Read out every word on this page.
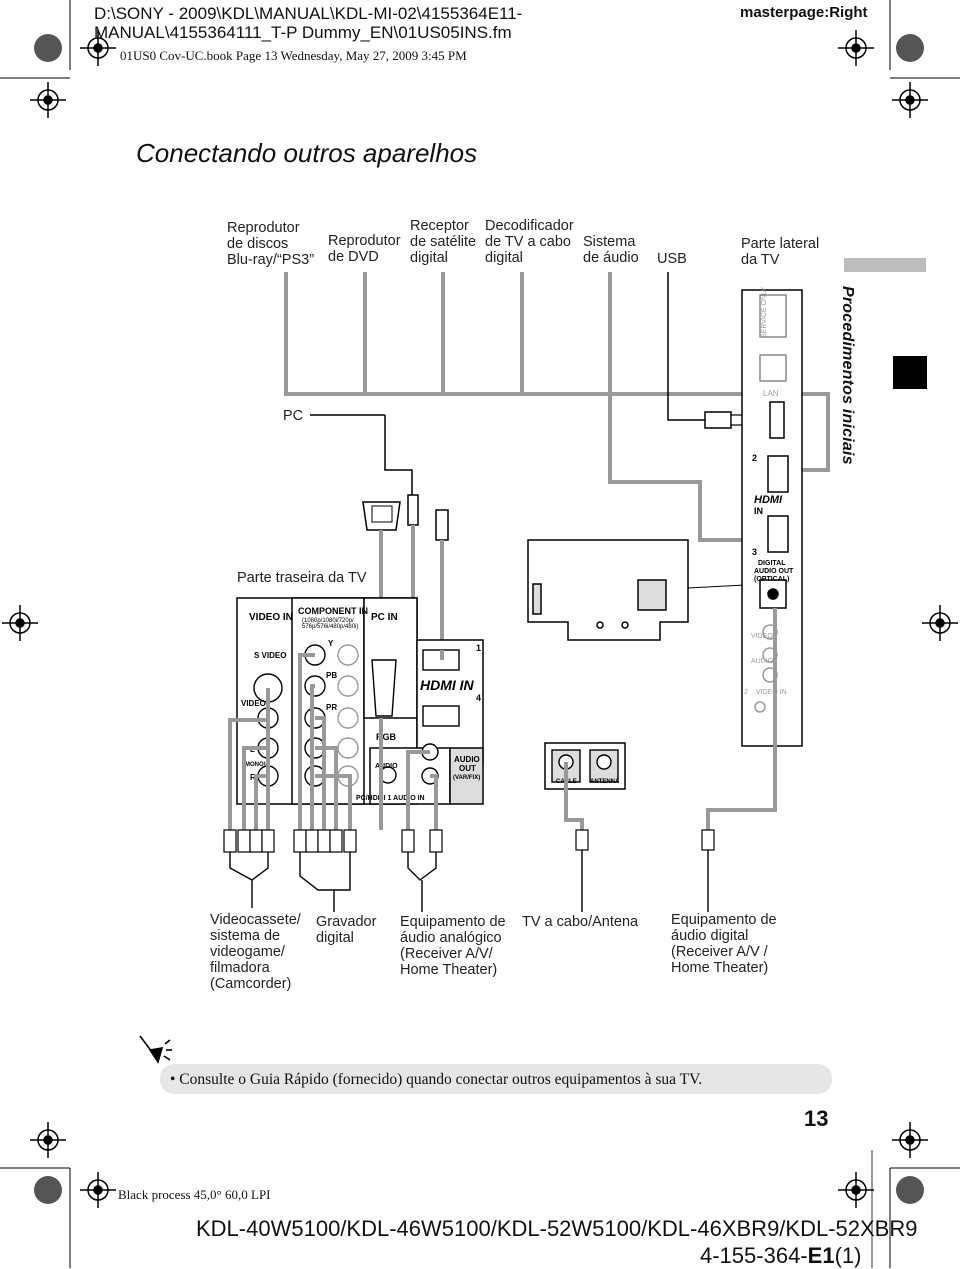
D:\SONY - 2009\KDL\MANUAL\KDL-MI-02\4155364E11-
MANUAL\4155364111_T-P Dummy_EN\01US05INS.fm
masterpage:Right
01US0 Cov-UC.book Page 13 Wednesday, May 27, 2009 3:45 PM
Conectando outros aparelhos
Procedimentos iniciais
Reprodutor
de discos
Blu-ray/“PS3”
Reprodutor
de DVD
Receptor
de satélite
digital
Decodificador
de TV a cabo
digital
Sistema
de áudio USB
Parte lateral
da TV
PC
Parte traseira da TV
SERVICE ONLY
LAN
2
HDMI
IN
3
DIGITAL
AUDIO OUT
(OPTICAL)
VIDEO
AUDIO
VIDEO IN
2
VIDEO IN
COMPONENT IN
(1080p/1080i/720p/
576p/576i/480p/480i)
PC IN
S VIDEO
VIDEO
Y
PB
PR
RGB
AUDIO
HDMI IN
1
4
L
R
(MONO)
AUDIO
OUT
(VAR/FIX)
PC/HDMI 1 AUDIO IN
CABLE ANTENNA
Videocassete/
sistema de
videogame/
filmadora
(Camcorder)
Gravador
digital
Equipamento de
áudio analógico
(Receiver A/V/
Home Theater)
TV a cabo/Antena Equipamento de
áudio digital
(Receiver A/V /
Home Theater)
• Consulte o Guia Rápido (fornecido) quando conectar outros equipamentos à sua TV.
13
Black process 45,0° 60,0 LPI
KDL-40W5100/KDL-46W5100/KDL-52W5100/KDL-46XBR9/KDL-52XBR9
4-155-364-E1(1)
